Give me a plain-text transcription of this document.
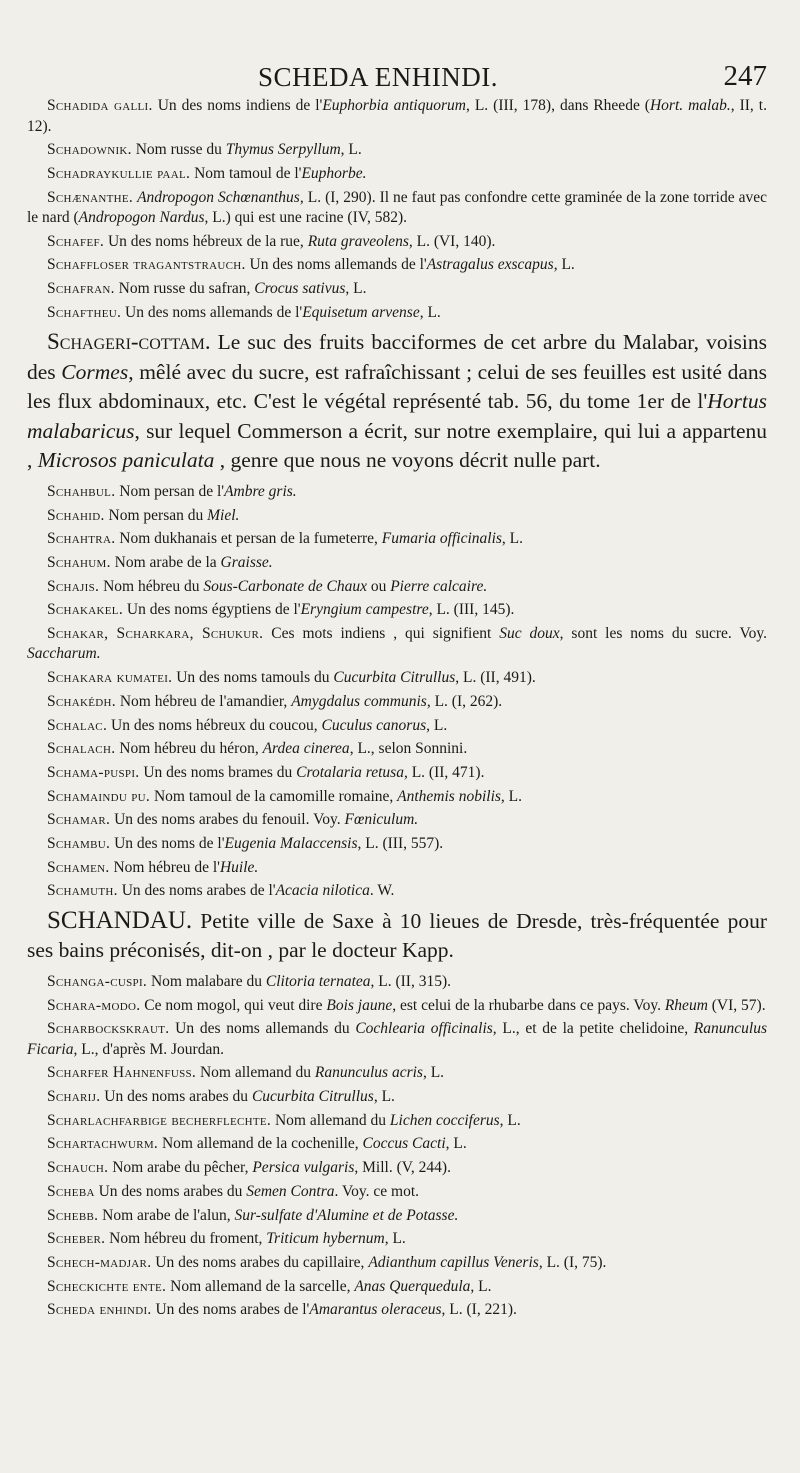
SCHEDA ENHINDI.	247

Schadida galli. Un des noms indiens de l'Euphorbia antiquorum, L. (III, 178), dans Rheede (Hort. malab., II, t. 12).

Schadownik. Nom russe du Thymus Serpyllum, L.

Schadraykullie paal. Nom tamoul de l'Euphorbe.

Schænanthe. Andropogon Schœnanthus, L. (I, 290). Il ne faut pas confondre cette graminée de la zone torride avec le nard (Andropogon Nardus, L.) qui est une racine (IV, 582).

Schafef. Un des noms hébreux de la rue, Ruta graveolens, L. (VI, 140).

Schaffloser tragantstrauch. Un des noms allemands de l'Astragalus exscapus, L.

Schafran. Nom russe du safran, Crocus sativus, L.

Schaftheu. Un des noms allemands de l'Equisetum arvense, L.

Schageri-cottam. Le suc des fruits bacciformes de cet arbre du Malabar, voisins des Cormes, mêlé avec du sucre, est rafraîchissant ; celui de ses feuilles est usité dans les flux abdominaux, etc. C'est le végétal représenté tab. 56, du tome 1er de l'Hortus malabaricus, sur lequel Commerson a écrit, sur notre exemplaire, qui lui a appartenu , Microsos paniculata , genre que nous ne voyons décrit nulle part.

Schahbul. Nom persan de l'Ambre gris.

Schahid. Nom persan du Miel.

Schahtra. Nom dukhanais et persan de la fumeterre, Fumaria officinalis, L.

Schahum. Nom arabe de la Graisse.

Schajis. Nom hébreu du Sous-Carbonate de Chaux ou Pierre calcaire.

Schakakel. Un des noms égyptiens de l'Eryngium campestre, L. (III, 145).

Schakar, Scharkara, Schukur. Ces mots indiens , qui signifient Suc doux, sont les noms du sucre. Voy. Saccharum.

Schakara kumatei. Un des noms tamouls du Cucurbita Citrullus, L. (II, 491).

Schakédh. Nom hébreu de l'amandier, Amygdalus communis, L. (I, 262).

Schalac. Un des noms hébreux du coucou, Cuculus canorus, L.

Schalach. Nom hébreu du héron, Ardea cinerea, L., selon Sonnini.

Schama-puspi. Un des noms brames du Crotalaria retusa, L. (II, 471).

Schamaindu pu. Nom tamoul de la camomille romaine, Anthemis nobilis, L.

Schamar. Un des noms arabes du fenouil. Voy. Fœniculum.

Schambu. Un des noms de l'Eugenia Malaccensis, L. (III, 557).

Schamen. Nom hébreu de l'Huile.

Schamuth. Un des noms arabes de l'Acacia nilotica. W.

SCHANDAU. Petite ville de Saxe à 10 lieues de Dresde, très-fréquentée pour ses bains préconisés, dit-on , par le docteur Kapp.

Schanga-cuspi. Nom malabare du Clitoria ternatea, L. (II, 315).

Schara-modo. Ce nom mogol, qui veut dire Bois jaune, est celui de la rhubarbe dans ce pays. Voy. Rheum (VI, 57).

Scharbockskraut. Un des noms allemands du Cochlearia officinalis, L., et de la petite chelidoine, Ranunculus Ficaria, L., d'après M. Jourdan.

Scharfer Hahnenfuss. Nom allemand du Ranunculus acris, L.

Scharij. Un des noms arabes du Cucurbita Citrullus, L.

Scharlachfarbige becherflechte. Nom allemand du Lichen cocciferus, L.

Schartachwurm. Nom allemand de la cochenille, Coccus Cacti, L.

Schauch. Nom arabe du pêcher, Persica vulgaris, Mill. (V, 244).

Scheba Un des noms arabes du Semen Contra. Voy. ce mot.

Schebb. Nom arabe de l'alun, Sur-sulfate d'Alumine et de Potasse.

Scheber. Nom hébreu du froment, Triticum hybernum, L.

Schech-madjar. Un des noms arabes du capillaire, Adianthum capillus Veneris, L. (I, 75).

Scheckichte ente. Nom allemand de la sarcelle, Anas Querquedula, L.

Scheda enhindi. Un des noms arabes de l'Amarantus oleraceus, L. (I, 221).
